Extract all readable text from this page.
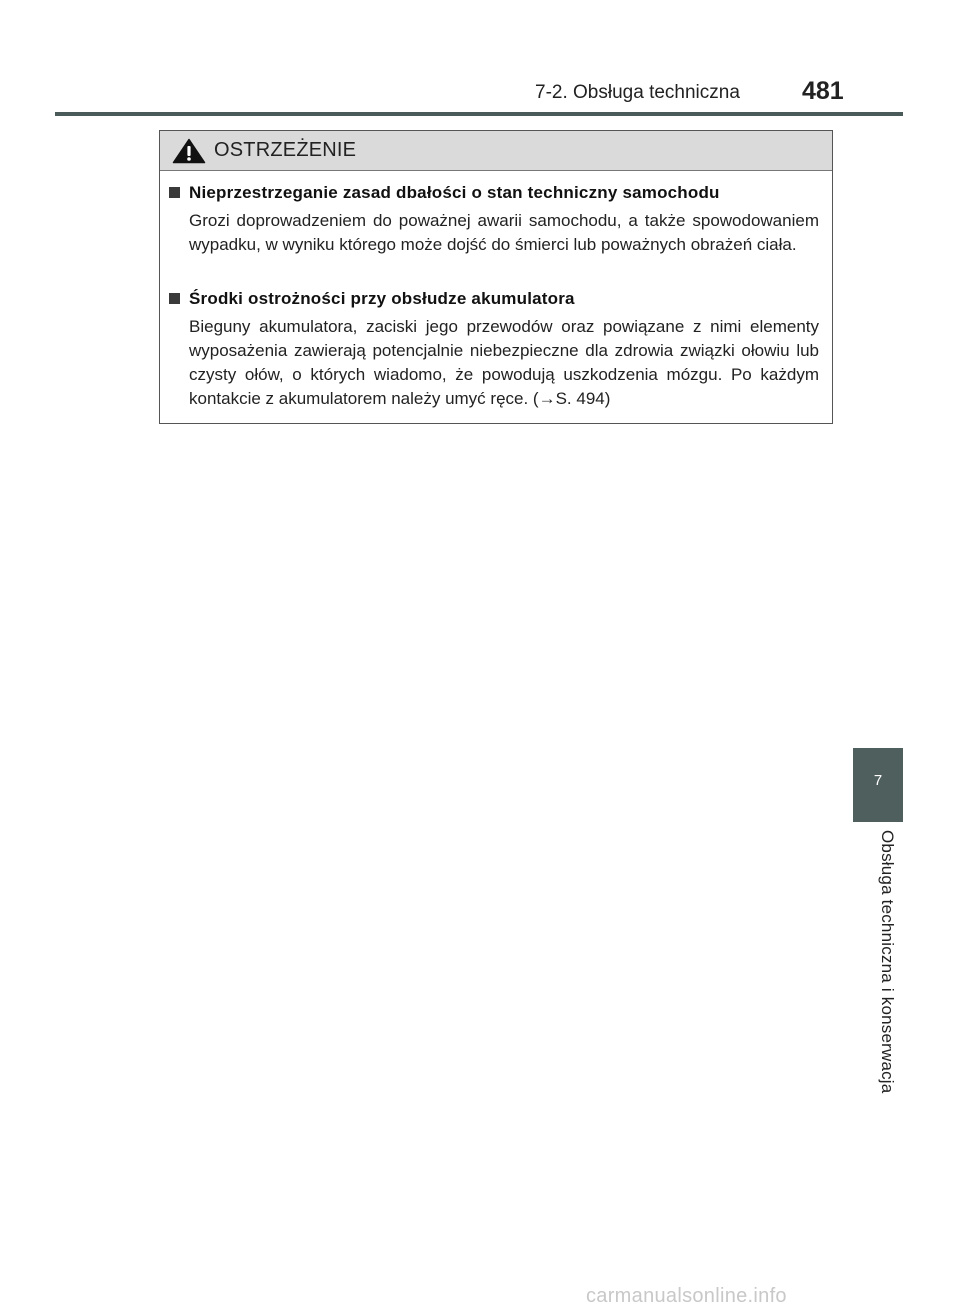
7-2. Obsługa techniczna 481
OSTRZEŻENIE
Nieprzestrzeganie zasad dbałości o stan techniczny samochodu
Grozi doprowadzeniem do poważnej awarii samochodu, a także spowodowaniem wypadku, w wyniku którego może dojść do śmierci lub poważnych obrażeń ciała.
Środki ostrożności przy obsłudze akumulatora
Bieguny akumulatora, zaciski jego przewodów oraz powiązane z nimi elementy wyposażenia zawierają potencjalnie niebezpieczne dla zdrowia związki ołowiu lub czysty ołów, o których wiadomo, że powodują uszkodzenia mózgu. Po każdym kontakcie z akumulatorem należy umyć ręce. (→S. 494)
7
Obsługa techniczna i konserwacja
carmanualsonline.info
